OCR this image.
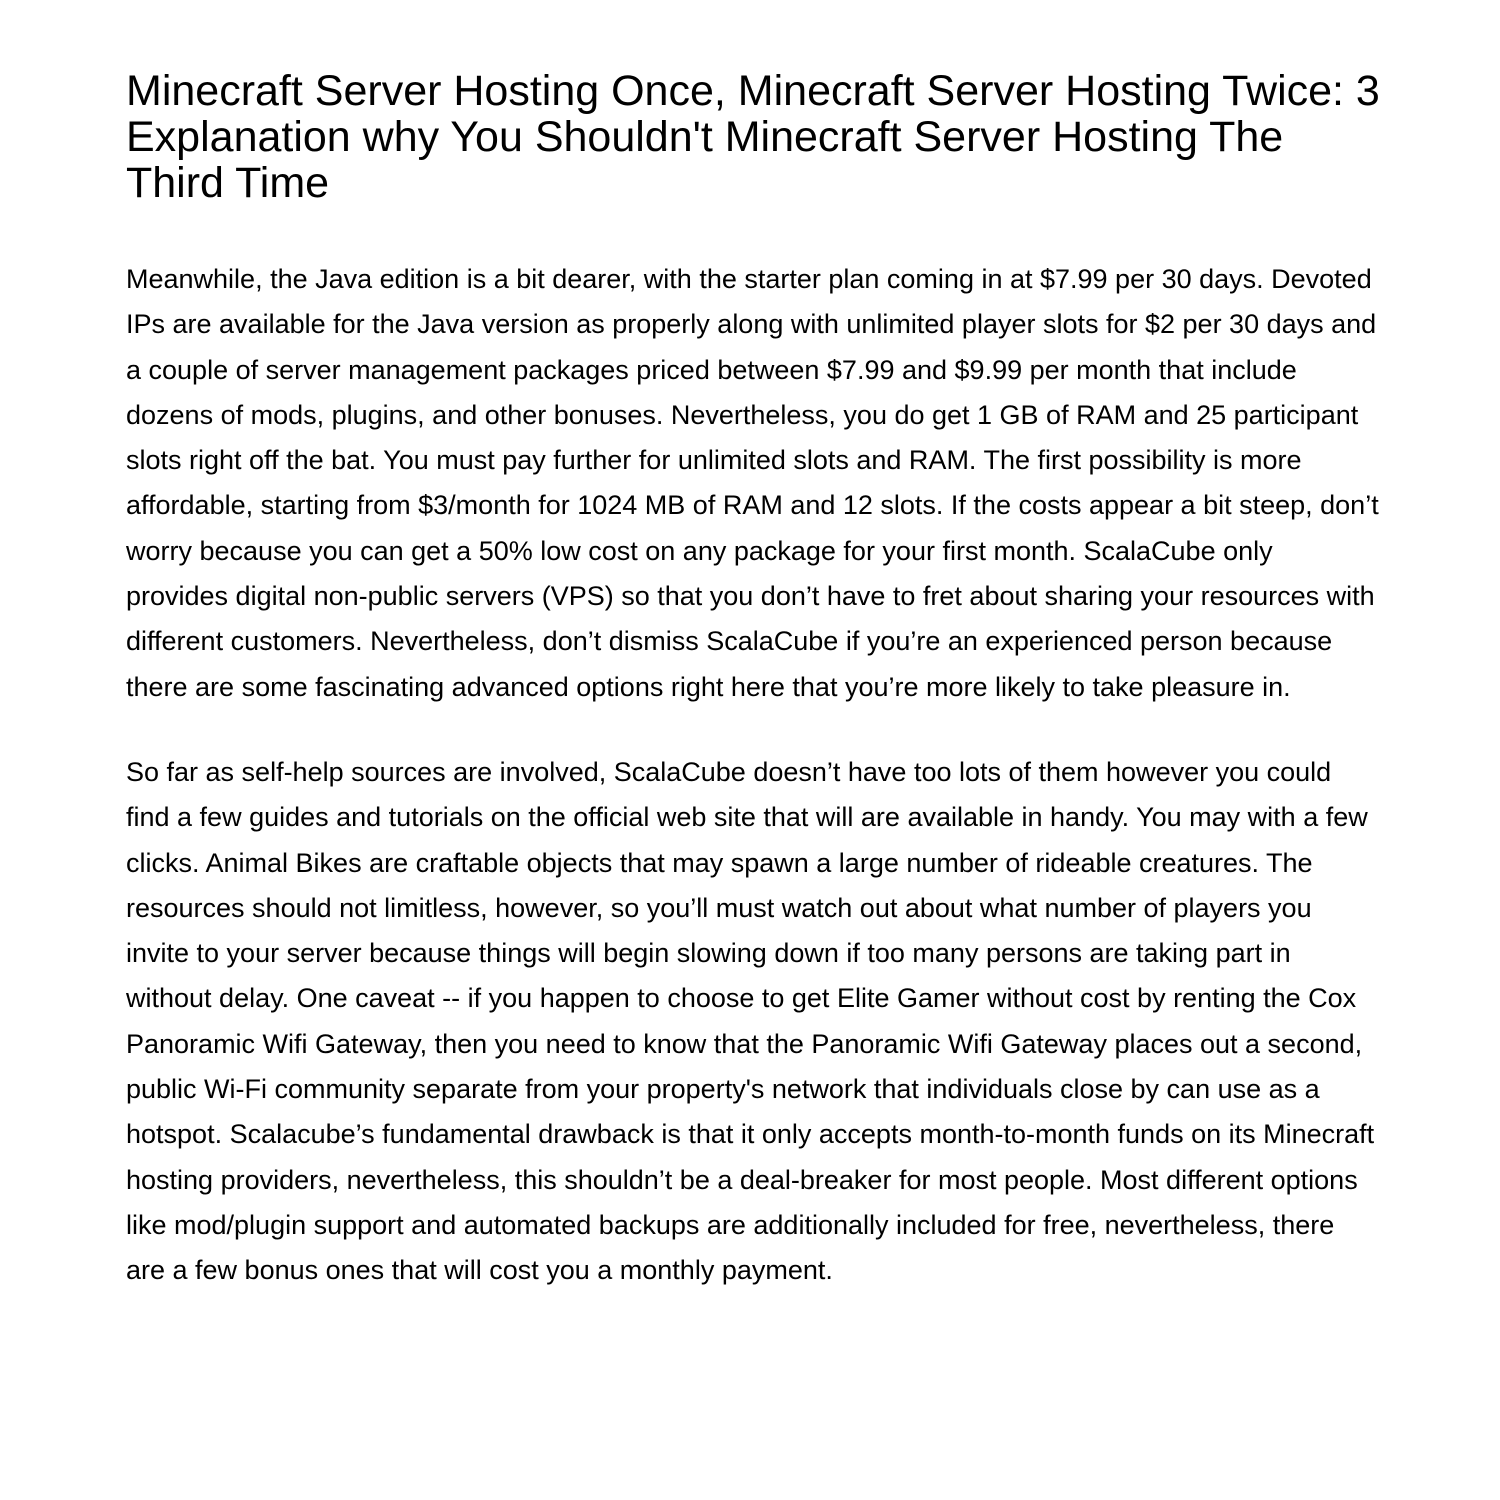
Minecraft Server Hosting Once, Minecraft Server Hosting Twice: 3 Explanation why You Shouldn't Minecraft Server Hosting The Third Time

Meanwhile, the Java edition is a bit dearer, with the starter plan coming in at $7.99 per 30 days. Devoted IPs are available for the Java version as properly along with unlimited player slots for $2 per 30 days and a couple of server management packages priced between $7.99 and $9.99 per month that include dozens of mods, plugins, and other bonuses. Nevertheless, you do get 1 GB of RAM and 25 participant slots right off the bat. You must pay further for unlimited slots and RAM. The first possibility is more affordable, starting from $3/month for 1024 MB of RAM and 12 slots. If the costs appear a bit steep, don’t worry because you can get a 50% low cost on any package for your first month. ScalaCube only provides digital non-public servers (VPS) so that you don’t have to fret about sharing your resources with different customers. Nevertheless, don’t dismiss ScalaCube if you’re an experienced person because there are some fascinating advanced options right here that you’re more likely to take pleasure in.

So far as self-help sources are involved, ScalaCube doesn’t have too lots of them however you could find a few guides and tutorials on the official web site that will are available in handy. You may with a few clicks. Animal Bikes are craftable objects that may spawn a large number of rideable creatures. The resources should not limitless, however, so you’ll must watch out about what number of players you invite to your server because things will begin slowing down if too many persons are taking part in without delay. One caveat -- if you happen to choose to get Elite Gamer without cost by renting the Cox Panoramic Wifi Gateway, then you need to know that the Panoramic Wifi Gateway places out a second, public Wi-Fi community separate from your property's network that individuals close by can use as a hotspot. Scalacube’s fundamental drawback is that it only accepts month-to-month funds on its Minecraft hosting providers, nevertheless, this shouldn’t be a deal-breaker for most people. Most different options like mod/plugin support and automated backups are additionally included for free, nevertheless, there are a few bonus ones that will cost you a monthly payment.
